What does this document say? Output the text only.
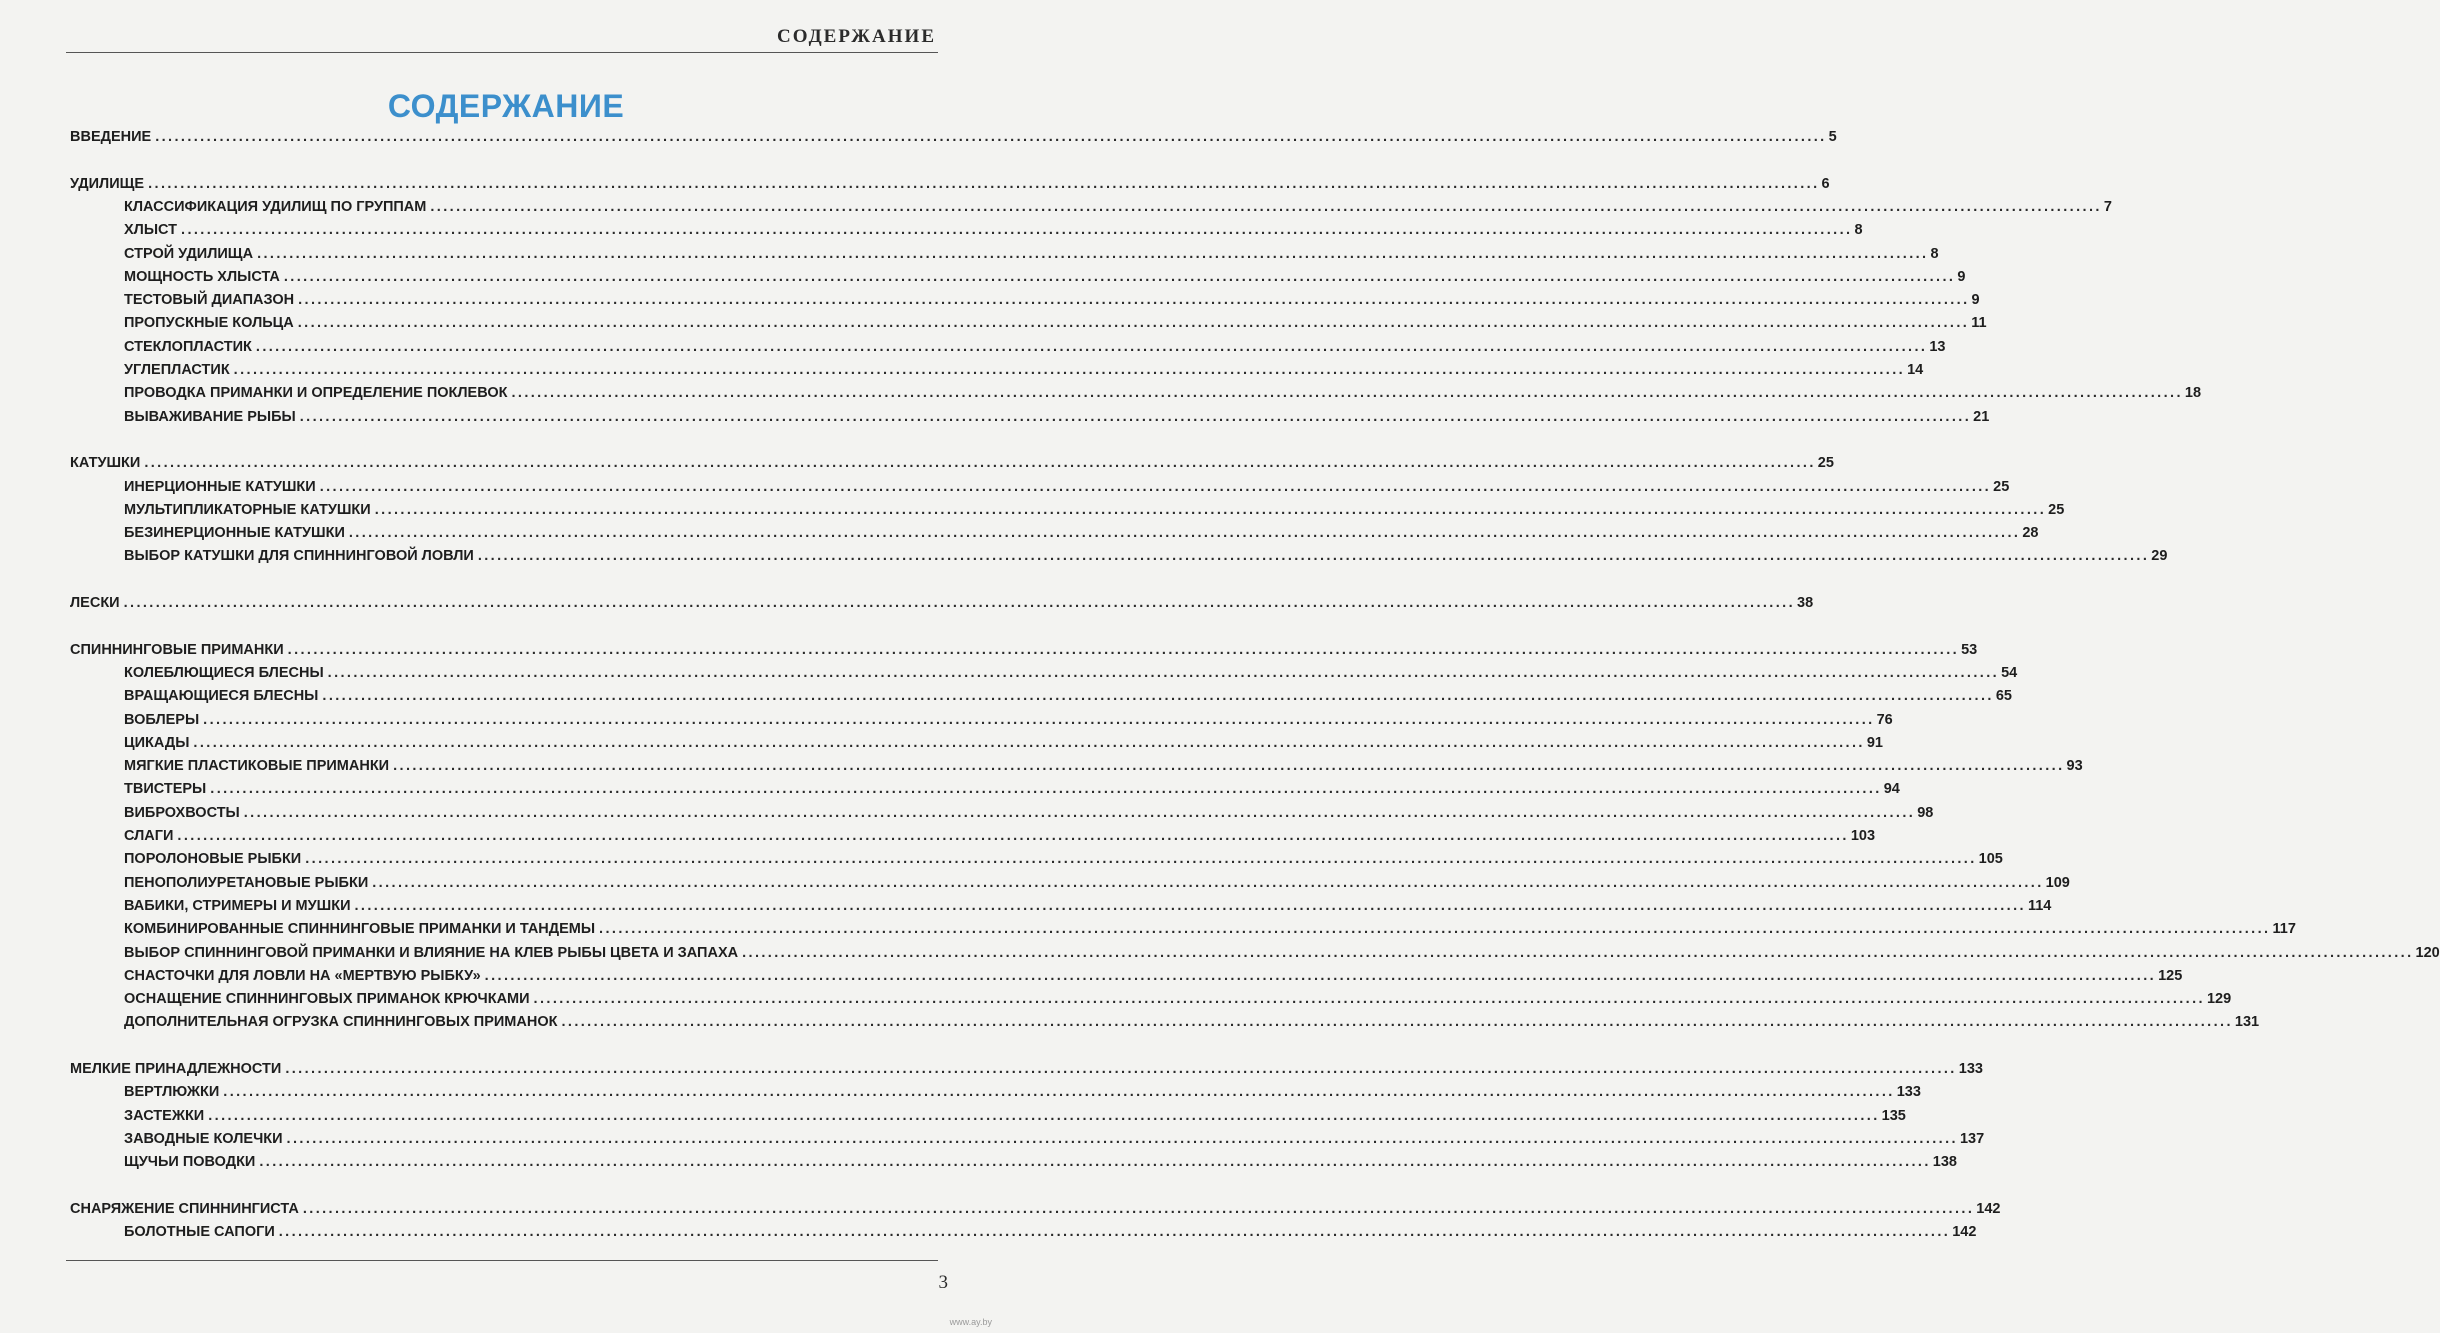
СОДЕРЖАНИЕ
СОДЕРЖАНИЕ
ВВЕДЕНИЕ .................................................................................................................................................................................................................................................................... 5
УДИЛИЩЕ .................................................................................................................................................................................................................................................................... 6
КЛАССИФИКАЦИЯ УДИЛИЩ ПО ГРУППАМ .................................................................................................................................................................................................................................................................... 7
ХЛЫСТ .................................................................................................................................................................................................................................................................... 8
СТРОЙ УДИЛИЩА .................................................................................................................................................................................................................................................................... 8
МОЩНОСТЬ ХЛЫСТА .................................................................................................................................................................................................................................................................... 9
ТЕСТОВЫЙ ДИАПАЗОН .................................................................................................................................................................................................................................................................... 9
ПРОПУСКНЫЕ КОЛЬЦА .................................................................................................................................................................................................................................................................... 11
СТЕКЛОПЛАСТИК .................................................................................................................................................................................................................................................................... 13
УГЛЕПЛАСТИК .................................................................................................................................................................................................................................................................... 14
ПРОВОДКА ПРИМАНКИ И ОПРЕДЕЛЕНИЕ ПОКЛЕВОК .................................................................................................................................................................................................................................................................... 18
ВЫВАЖИВАНИЕ РЫБЫ .................................................................................................................................................................................................................................................................... 21
КАТУШКИ .................................................................................................................................................................................................................................................................... 25
ИНЕРЦИОННЫЕ КАТУШКИ .................................................................................................................................................................................................................................................................... 25
МУЛЬТИПЛИКАТОРНЫЕ КАТУШКИ .................................................................................................................................................................................................................................................................... 25
БЕЗИНЕРЦИОННЫЕ КАТУШКИ .................................................................................................................................................................................................................................................................... 28
ВЫБОР КАТУШКИ ДЛЯ СПИННИНГОВОЙ ЛОВЛИ .................................................................................................................................................................................................................................................................... 29
ЛЕСКИ .................................................................................................................................................................................................................................................................... 38
СПИННИНГОВЫЕ ПРИМАНКИ .................................................................................................................................................................................................................................................................... 53
КОЛЕБЛЮЩИЕСЯ БЛЕСНЫ .................................................................................................................................................................................................................................................................... 54
ВРАЩАЮЩИЕСЯ БЛЕСНЫ .................................................................................................................................................................................................................................................................... 65
ВОБЛЕРЫ .................................................................................................................................................................................................................................................................... 76
ЦИКАДЫ .................................................................................................................................................................................................................................................................... 91
МЯГКИЕ ПЛАСТИКОВЫЕ ПРИМАНКИ .................................................................................................................................................................................................................................................................... 93
ТВИСТЕРЫ .................................................................................................................................................................................................................................................................... 94
ВИБРОХВОСТЫ .................................................................................................................................................................................................................................................................... 98
СЛАГИ .................................................................................................................................................................................................................................................................... 103
ПОРОЛОНОВЫЕ РЫБКИ .................................................................................................................................................................................................................................................................... 105
ПЕНОПОЛИУРЕТАНОВЫЕ РЫБКИ .................................................................................................................................................................................................................................................................... 109
ВАБИКИ, СТРИМЕРЫ И МУШКИ .................................................................................................................................................................................................................................................................... 114
КОМБИНИРОВАННЫЕ СПИННИНГОВЫЕ ПРИМАНКИ И ТАНДЕМЫ .................................................................................................................................................................................................................................................................... 117
ВЫБОР СПИННИНГОВОЙ ПРИМАНКИ И ВЛИЯНИЕ НА КЛЕВ РЫБЫ ЦВЕТА И ЗАПАХА .................................................................................................................................................................................................................................................................... 120
СНАСТОЧКИ ДЛЯ ЛОВЛИ НА «МЕРТВУЮ РЫБКУ» .................................................................................................................................................................................................................................................................... 125
ОСНАЩЕНИЕ СПИННИНГОВЫХ ПРИМАНОК КРЮЧКАМИ .................................................................................................................................................................................................................................................................... 129
ДОПОЛНИТЕЛЬНАЯ ОГРУЗКА СПИННИНГОВЫХ ПРИМАНОК .................................................................................................................................................................................................................................................................... 131
МЕЛКИЕ ПРИНАДЛЕЖНОСТИ .................................................................................................................................................................................................................................................................... 133
ВЕРТЛЮЖКИ .................................................................................................................................................................................................................................................................... 133
ЗАСТЕЖКИ .................................................................................................................................................................................................................................................................... 135
ЗАВОДНЫЕ КОЛЕЧКИ .................................................................................................................................................................................................................................................................... 137
ЩУЧЬИ ПОВОДКИ .................................................................................................................................................................................................................................................................... 138
СНАРЯЖЕНИЕ СПИННИНГИСТА .................................................................................................................................................................................................................................................................... 142
БОЛОТНЫЕ САПОГИ .................................................................................................................................................................................................................................................................... 142
3
www.ay.by
